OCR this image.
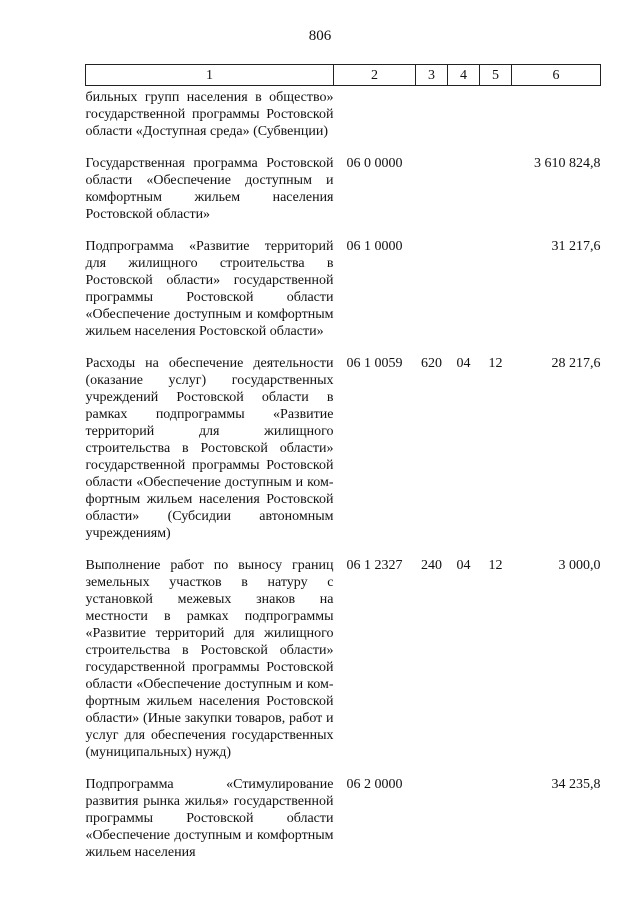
806
1	2	3	4	5	6
бильных групп населения в общество» государственной программы Ростовской области «Доступная среда» (Субвенции)					
Государственная программа Ростовской области «Обеспечение доступным и комфортным жильем населения Ростовской области»	06 0 0000				3 610 824,8
Подпрограмма «Развитие территорий для жилищного строительства в Ростовской области» государственной программы Ростовской области «Обеспечение доступным и комфортным жильем населения Ростовской области»	06 1 0000				31 217,6
Расходы на обеспечение деятельности (оказание услуг) государственных учреждений Ростовской области в рамках подпрограммы «Развитие территорий для жилищного строительства в Ростовской области» государственной программы Ростовской области «Обеспечение доступным и комфортным жильем населения Ростовской области» (Субсидии автономным учреждениям)	06 1 0059	620	04	12	28 217,6
Выполнение работ по выносу границ земельных участков в натуру с установкой межевых знаков на местности в рамках подпрограммы «Развитие территорий для жилищного строительства в Ростовской области» государственной программы Ростовской области «Обеспечение доступным и комфортным жильем населения Ростовской области» (Иные закупки товаров, работ и услуг для обеспечения государственных (муниципальных) нужд)	06 1 2327	240	04	12	3 000,0
Подпрограмма «Стимулирование развития рынка жилья» государственной программы Ростовской области «Обеспечение доступным и комфортным жильем населения	06 2 0000				34 235,8
